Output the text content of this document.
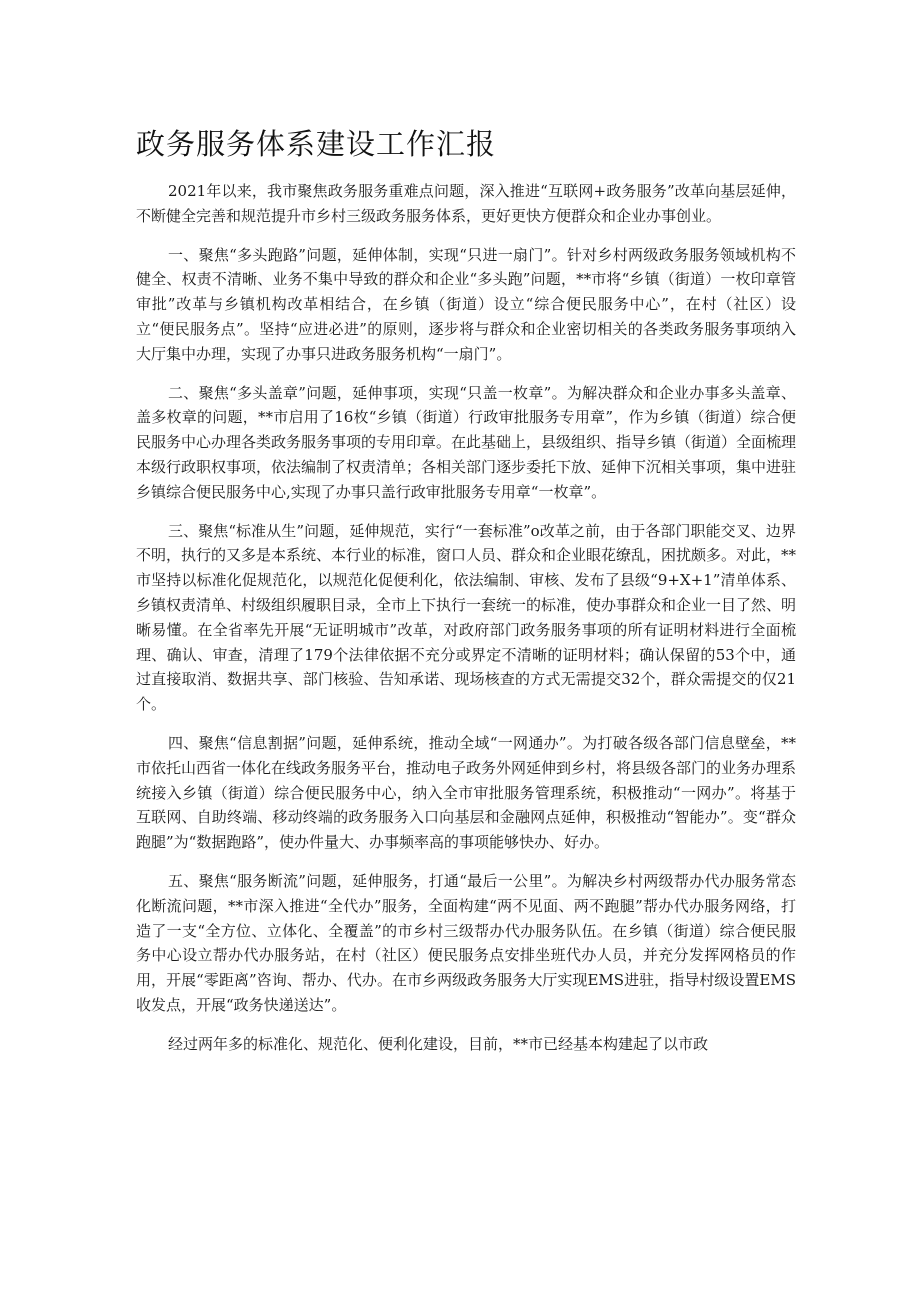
政务服务体系建设工作汇报

2021年以来，我市聚焦政务服务重难点问题，深入推进“互联网+政务服务”改革向基层延伸，不断健全完善和规范提升市乡村三级政务服务体系，更好更快方便群众和企业办事创业。

一、聚焦“多头跑路”问题，延伸体制，实现“只进一扇门”。针对乡村两级政务服务领域机构不健全、权责不清晰、业务不集中导致的群众和企业“多头跑”问题，**市将“乡镇（街道）一枚印章管审批”改革与乡镇机构改革相结合，在乡镇（街道）设立“综合便民服务中心”，在村（社区）设立“便民服务点”。坚持“应进必进”的原则，逐步将与群众和企业密切相关的各类政务服务事项纳入大厅集中办理，实现了办事只进政务服务机构“一扇门”。

二、聚焦“多头盖章”问题，延伸事项，实现“只盖一枚章”。为解决群众和企业办事多头盖章、盖多枚章的问题，**市启用了16枚“乡镇（街道）行政审批服务专用章”，作为乡镇（街道）综合便民服务中心办理各类政务服务事项的专用印章。在此基础上，县级组织、指导乡镇（街道）全面梳理本级行政职权事项，依法编制了权责清单；各相关部门逐步委托下放、延伸下沉相关事项，集中进驻乡镇综合便民服务中心,实现了办事只盖行政审批服务专用章“一枚章”。

三、聚焦“标准从生”问题，延伸规范，实行“一套标准”o改革之前，由于各部门职能交叉、边界不明，执行的又多是本系统、本行业的标准，窗口人员、群众和企业眼花缭乱，困扰颇多。对此，**市坚持以标准化促规范化，以规范化促便利化，依法编制、审核、发布了县级“9+X+1”清单体系、乡镇权责清单、村级组织履职目录，全市上下执行一套统一的标准，使办事群众和企业一目了然、明晰易懂。在全省率先开展“无证明城市”改革，对政府部门政务服务事项的所有证明材料进行全面梳理、确认、审查，清理了179个法律依据不充分或界定不清晰的证明材料；确认保留的53个中，通过直接取消、数据共享、部门核验、告知承诺、现场核查的方式无需提交32个，群众需提交的仅21个。

四、聚焦“信息割据”问题，延伸系统，推动全域“一网通办”。为打破各级各部门信息壁垒，**市依托山西省一体化在线政务服务平台，推动电子政务外网延伸到乡村，将县级各部门的业务办理系统接入乡镇（街道）综合便民服务中心，纳入全市审批服务管理系统，积极推动“一网办”。将基于互联网、自助终端、移动终端的政务服务入口向基层和金融网点延伸，积极推动“智能办”。变“群众跑腿”为“数据跑路”，使办件量大、办事频率高的事项能够快办、好办。

五、聚焦“服务断流”问题，延伸服务，打通“最后一公里”。为解决乡村两级帮办代办服务常态化断流问题，**市深入推进“全代办”服务，全面构建“两不见面、两不跑腿”帮办代办服务网络，打造了一支“全方位、立体化、全覆盖”的市乡村三级帮办代办服务队伍。在乡镇（街道）综合便民服务中心设立帮办代办服务站，在村（社区）便民服务点安排坐班代办人员，并充分发挥网格员的作用，开展“零距离”咨询、帮办、代办。在市乡两级政务服务大厅实现EMS进驻，指导村级设置EMS收发点，开展“政务快递送达”。

经过两年多的标准化、规范化、便利化建设，目前，**市已经基本构建起了以市政
